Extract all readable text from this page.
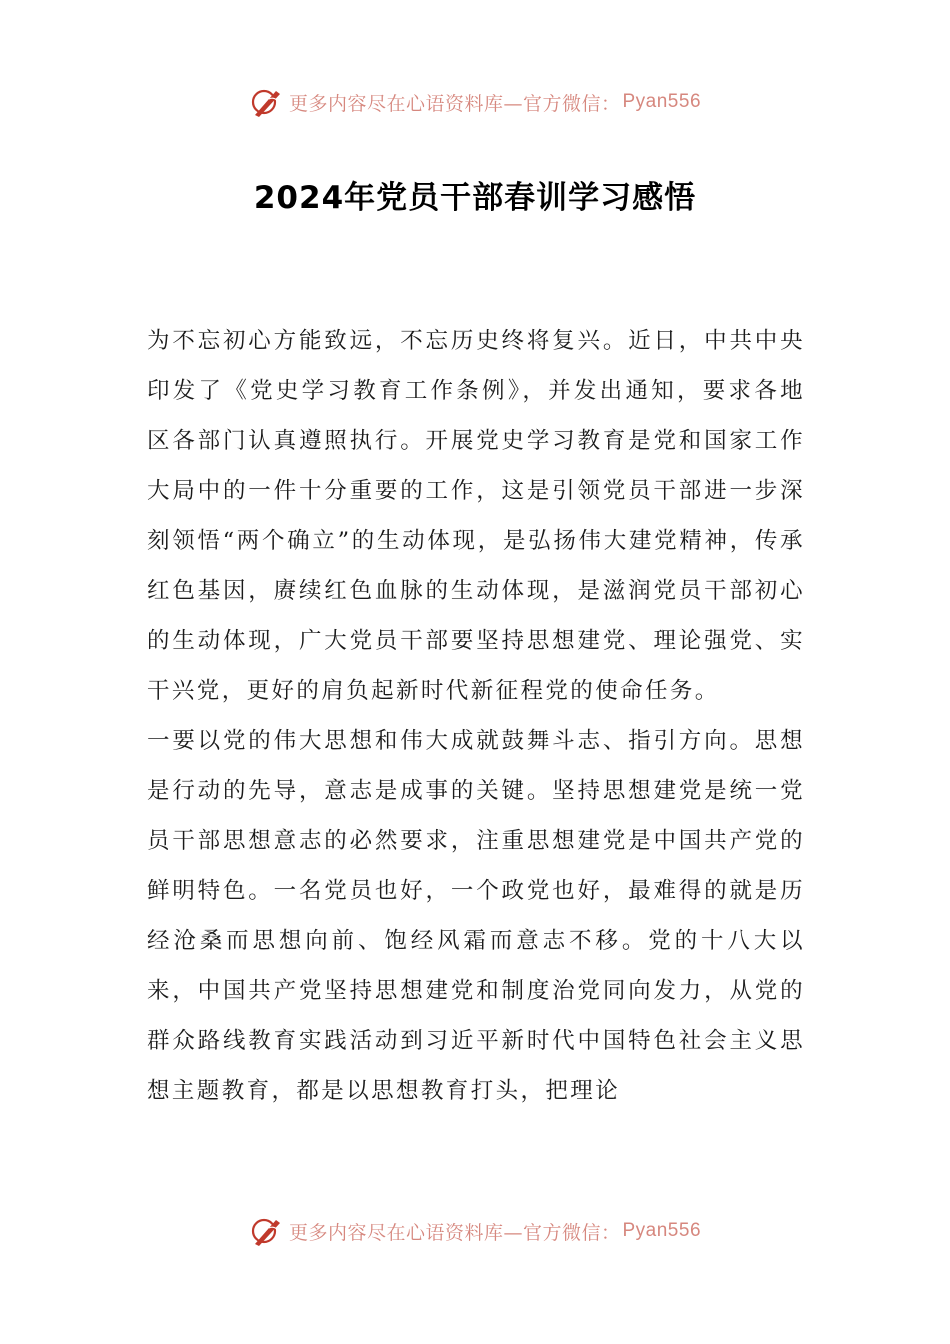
更多内容尽在心语资料库—官方微信： Pyan556
2024年党员干部春训学习感悟

为不忘初心方能致远，不忘历史终将复兴。近日，中共中央印发了《党史学习教育工作条例》，并发出通知，要求各地区各部门认真遵照执行。开展党史学习教育是党和国家工作大局中的一件十分重要的工作，这是引领党员干部进一步深刻领悟“两个确立”的生动体现，是弘扬伟大建党精神，传承红色基因，赓续红色血脉的生动体现，是滋润党员干部初心的生动体现，广大党员干部要坚持思想建党、理论强党、实干兴党，更好的肩负起新时代新征程党的使命任务。

一要以党的伟大思想和伟大成就鼓舞斗志、指引方向。思想是行动的先导，意志是成事的关键。坚持思想建党是统一党员干部思想意志的必然要求，注重思想建党是中国共产党的鲜明特色。一名党员也好，一个政党也好，最难得的就是历经沧桑而思想向前、饱经风霜而意志不移。党的十八大以来，中国共产党坚持思想建党和制度治党同向发力，从党的群众路线教育实践活动到习近平新时代中国特色社会主义思想主题教育，都是以思想教育打头，把理论

更多内容尽在心语资料库—官方微信： Pyan556
